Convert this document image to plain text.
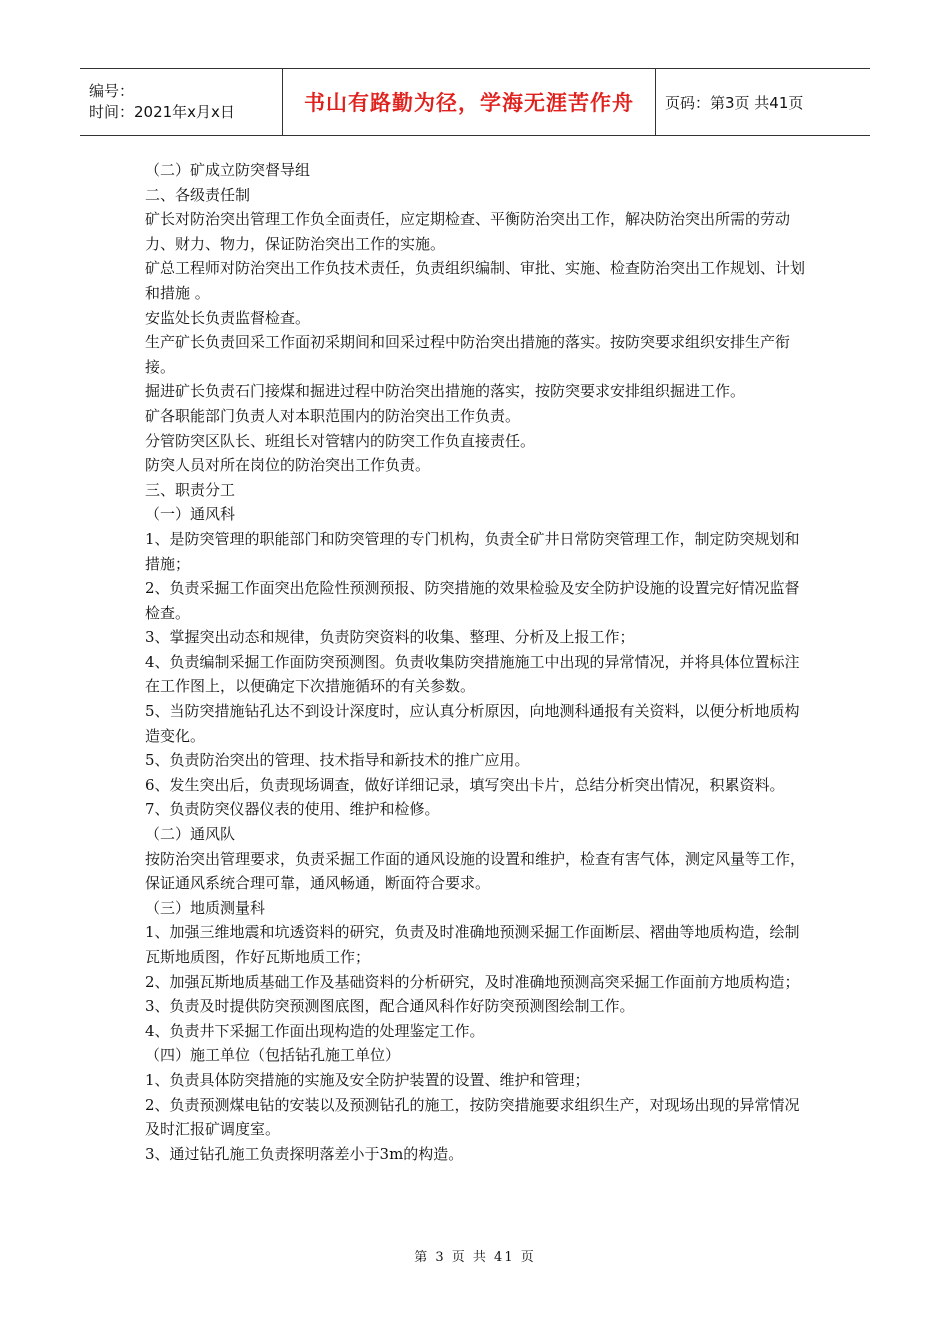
编号：
时间：2021年x月x日	书山有路勤为径，学海无涯苦作舟 页码：第3页 共41页

（二）矿成立防突督导组

二、各级责任制

矿长对防治突出管理工作负全面责任，应定期检查、平衡防治突出工作，解决防治突出所需的劳动力、财力、物力，保证防治突出工作的实施。

矿总工程师对防治突出工作负技术责任，负责组织编制、审批、实施、检查防治突出工作规划、计划和措施 。

安监处长负责监督检查。

生产矿长负责回采工作面初采期间和回采过程中防治突出措施的落实。按防突要求组织安排生产衔接。

掘进矿长负责石门接煤和掘进过程中防治突出措施的落实，按防突要求安排组织掘进工作。

矿各职能部门负责人对本职范围内的防治突出工作负责。

分管防突区队长、班组长对管辖内的防突工作负直接责任。

防突人员对所在岗位的防治突出工作负责。

三、职责分工

（一）通风科

1、是防突管理的职能部门和防突管理的专门机构，负责全矿井日常防突管理工作，制定防突规划和措施；

2、负责采掘工作面突出危险性预测预报、防突措施的效果检验及安全防护设施的设置完好情况监督检查。

3、掌握突出动态和规律，负责防突资料的收集、整理、分析及上报工作；

4、负责编制采掘工作面防突预测图。负责收集防突措施施工中出现的异常情况，并将具体位置标注在工作图上，以便确定下次措施循环的有关参数。

5、当防突措施钻孔达不到设计深度时，应认真分析原因，向地测科通报有关资料，以便分析地质构造变化。

5、负责防治突出的管理、技术指导和新技术的推广应用。

6、发生突出后，负责现场调查，做好详细记录，填写突出卡片，总结分析突出情况，积累资料。

7、负责防突仪器仪表的使用、维护和检修。

（二）通风队

按防治突出管理要求，负责采掘工作面的通风设施的设置和维护，检查有害气体，测定风量等工作，保证通风系统合理可靠，通风畅通，断面符合要求。

（三）地质测量科

1、加强三维地震和坑透资料的研究，负责及时准确地预测采掘工作面断层、褶曲等地质构造，绘制瓦斯地质图，作好瓦斯地质工作；

2、加强瓦斯地质基础工作及基础资料的分析研究，及时准确地预测高突采掘工作面前方地质构造；

3、负责及时提供防突预测图底图，配合通风科作好防突预测图绘制工作。

4、负责井下采掘工作面出现构造的处理鉴定工作。

（四）施工单位（包括钻孔施工单位）

1、负责具体防突措施的实施及安全防护装置的设置、维护和管理；

2、负责预测煤电钻的安装以及预测钻孔的施工，按防突措施要求组织生产，对现场出现的异常情况及时汇报矿调度室。

3、通过钻孔施工负责探明落差小于3m的构造。

第 3 页 共 41 页
